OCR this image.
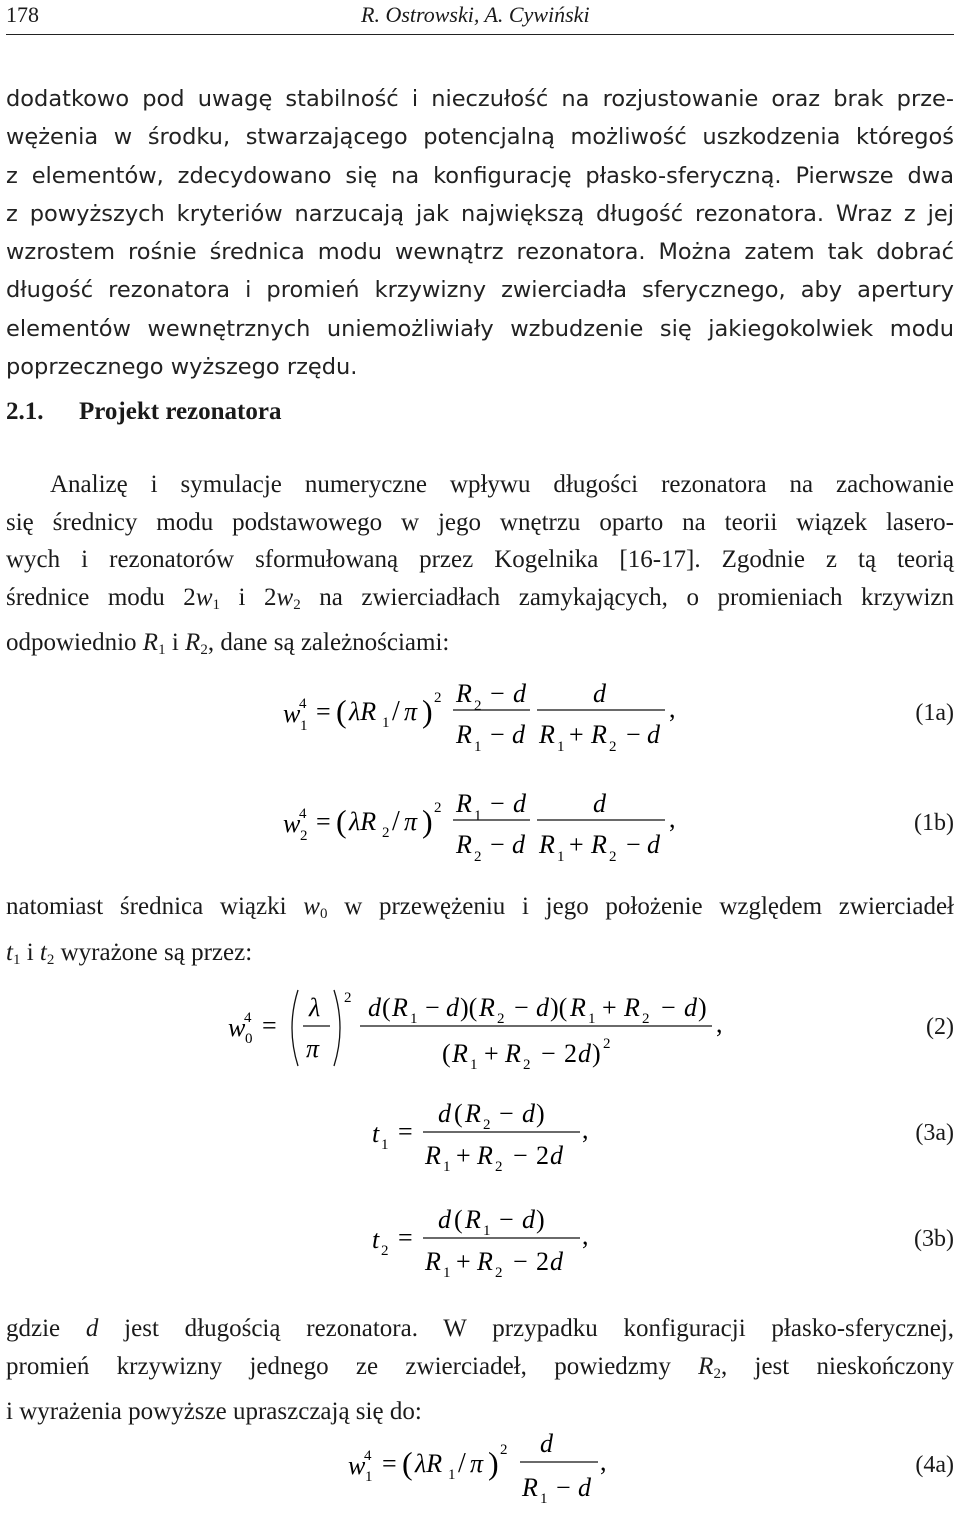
178	R. Ostrowski, A. Cywiński
dodatkowo pod uwagę stabilność i nieczułość na rozjustowanie oraz brak prze-
wężenia w środku, stwarzającego potencjalną możliwość uszkodzenia któregoś
z elementów, zdecydowano się na konfigurację płasko-sferyczną. Pierwsze dwa
z powyższych kryteriów narzucają jak największą długość rezonatora. Wraz z jej
wzrostem rośnie średnica modu wewnątrz rezonatora. Można zatem tak dobrać
długość rezonatora i promień krzywizny zwierciadła sferycznego, aby apertury
elementów wewnętrznych uniemożliwiały wzbudzenie się jakiegokolwiek modu
poprzecznego wyższego rzędu.
2.1. Projekt rezonatora
Analizę i symulacje numeryczne wpływu długości rezonatora na zachowanie
się średnicy modu podstawowego w jego wnętrzu oparto na teorii wiązek lasero-
wych i rezonatorów sformułowaną przez Kogelnika [16-17]. Zgodnie z tą teorią
średnice modu $2w_1$ i $2w_2$ na zwierciadłach zamykających, o promieniach krzywizn
odpowiednio $R_1$ i $R_2$, dane są zależnościami:
w
4
1 = ( λR 1 / π ) 2 R 2 − d
R 1 − d
d
R 1 + R 2 − d
,	(1a)
w
4
2 = ( λR 2 / π ) 2 R 1 − d
R 2 − d
d
R 1 + R 2 − d
,	(1b)
natomiast średnica wiązki $w_0$ w przewężeniu i jego położenie względem zwierciadeł
$t_1$ i $t_2$ wyrażone są przez:
w
4
0 =
λ
π
2 d ( R 1 − d )( R 2 − d )( R 1 + R 2 − d )
( R 1 + R 2 − 2 d ) 2
,	(2)
t 1 =
d ( R 2 − d )
R 1 + R 2 − 2 d
,	(3a)
t 2 =
d ( R 1 − d )
R 1 + R 2 − 2 d
,	(3b)
gdzie d jest długością rezonatora. W przypadku konfiguracji płasko-sferycznej,
promień krzywizny jednego ze zwierciadeł, powiedzmy $R_2$, jest nieskończony
i wyrażenia powyższe upraszczają się do:
w
4
1 = ( λR 1 / π ) 2 d
R 1 − d
,	(4a)
